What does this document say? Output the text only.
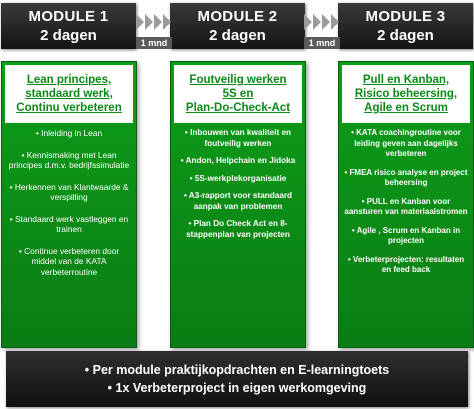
MODULE 1
2 dagen
MODULE 2
2 dagen
MODULE 3
2 dagen
1 mnd	1 mnd
Lean principes,
standaard werk,
Continu verbeteren
• Inleiding in Lean
• Kennismaking met Lean principes d.m.v. bedrijfssimulatie
• Herkennen van Klantwaarde & verspilling
• Standaard werk vastleggen en trainen
• Continue verbeteren door middel van de KATA verbeterroutine
Foutveilig werken
5S en
Plan-Do-Check-Act
• Inbouwen van kwaliteit en foutveilig werken
• Andon, Helpchain en Jidoka
• 5S-werkplekorganisatie
• A3-rapport voor standaard aanpak van problemen
• Plan Do Check Act en 8-stappenplan van projecten
Pull en Kanban,
Risico beheersing,
Agile en Scrum
• KATA coachingroutine voor leiding geven aan dagelijks verbeteren
• FMEA risico analyse en project beheersing
• PULL en Kanban voor aansturen van materiaalstromen
• Agile , Scrum en Kanban in projecten
• Verbeterprojecten: resultaten en feed back
• Per module praktijkopdrachten en E-learningtoets
• 1x Verbeterproject in eigen werkomgeving
